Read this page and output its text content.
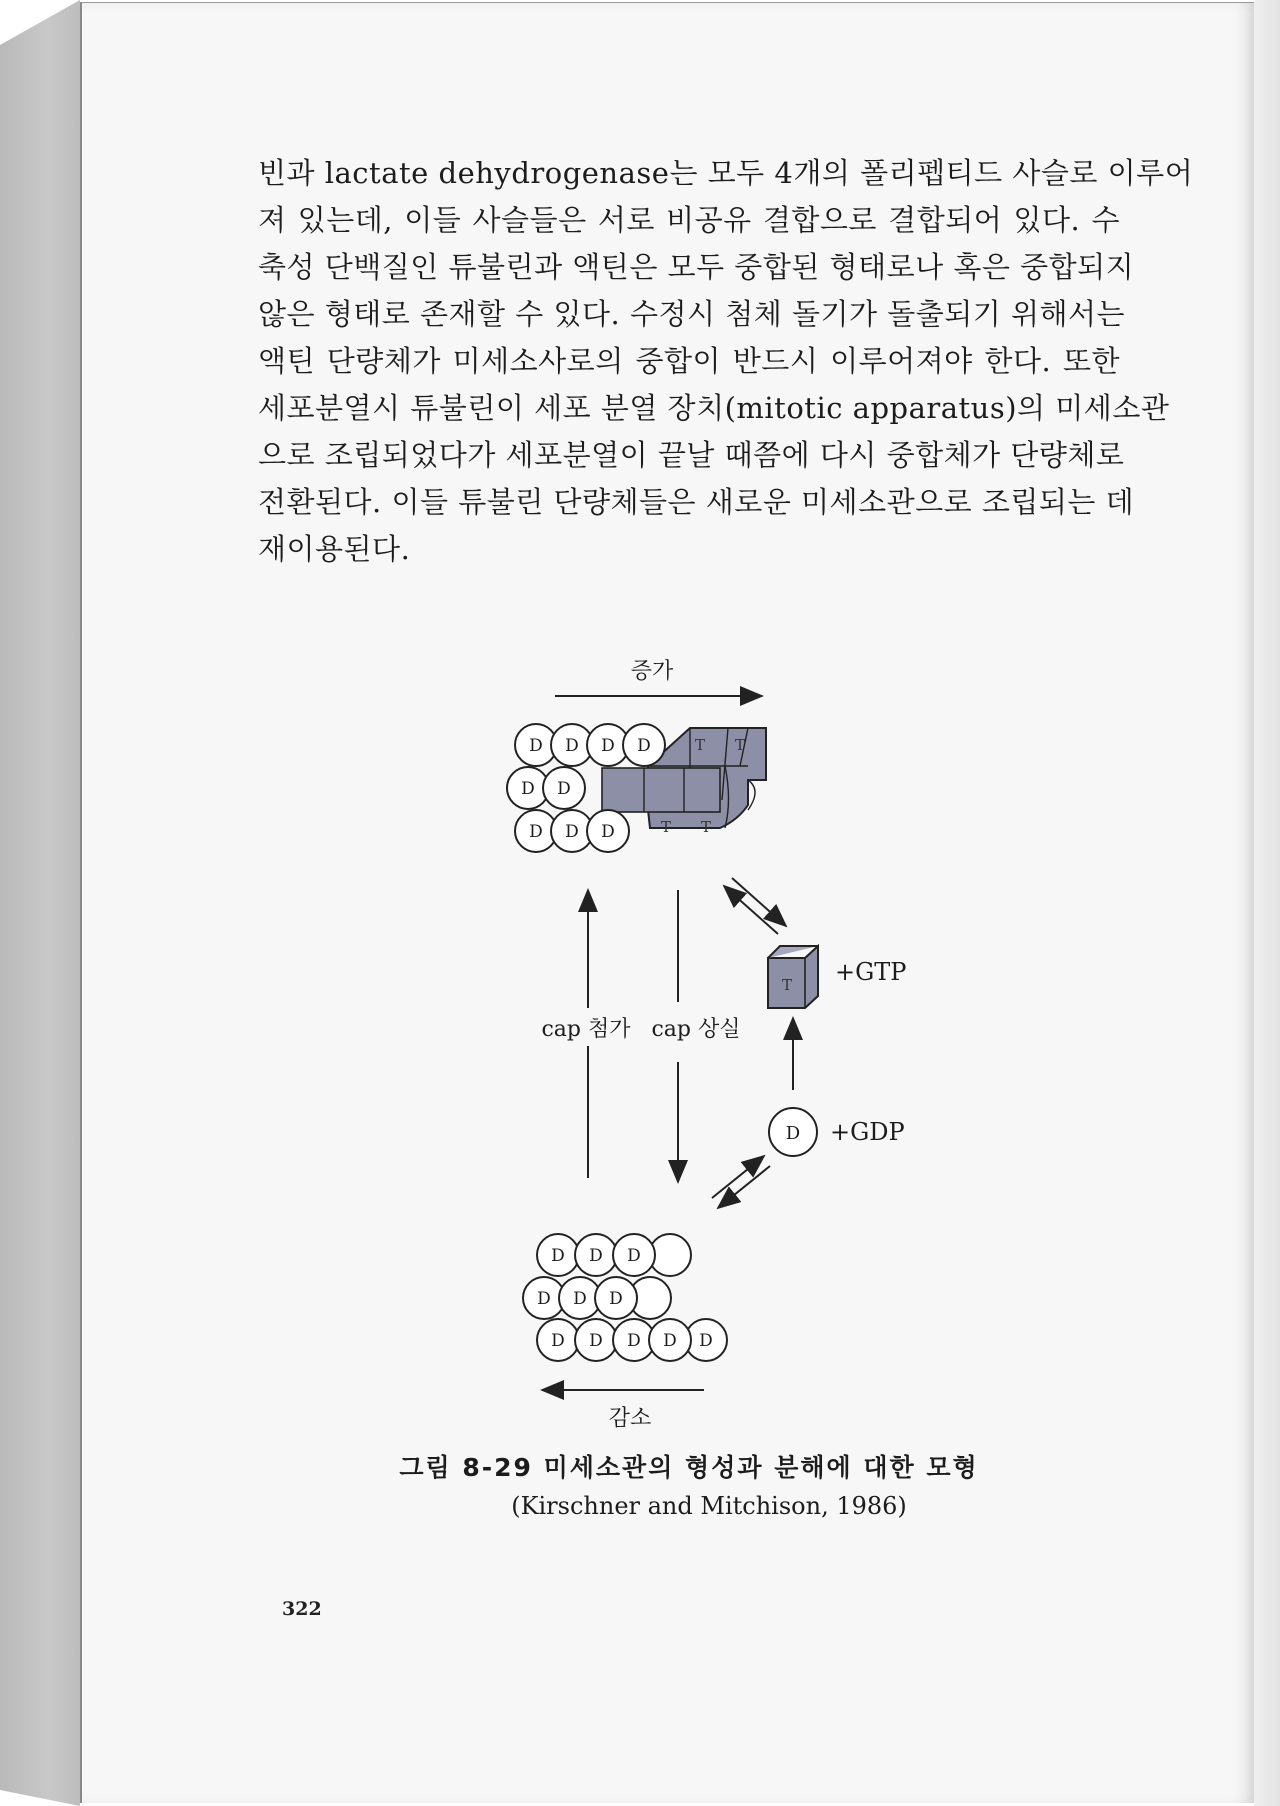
빈과 lactate dehydrogenase는 모두 4개의 폴리펩티드 사슬로 이루어
져 있는데, 이들 사슬들은 서로 비공유 결합으로 결합되어 있다. 수
축성 단백질인 튜불린과 액틴은 모두 중합된 형태로나 혹은 중합되지
않은 형태로 존재할 수 있다. 수정시 첨체 돌기가 돌출되기 위해서는
액틴 단량체가 미세소사로의 중합이 반드시 이루어져야 한다. 또한
세포분열시 튜불린이 세포 분열 장치(mitotic apparatus)의 미세소관
으로 조립되었다가 세포분열이 끝날 때쯤에 다시 중합체가 단량체로
전환된다. 이들 튜불린 단량체들은 새로운 미세소관으로 조립되는 데
재이용된다.
증가
T T
T T
D D D D
D D
D D D
T +GTP
D +GDP
cap 첨가 cap 상실
D D D
D D D
D D D D D
감소
그림 8-29 미세소관의 형성과 분해에 대한 모형
(Kirschner and Mitchison, 1986)
322
